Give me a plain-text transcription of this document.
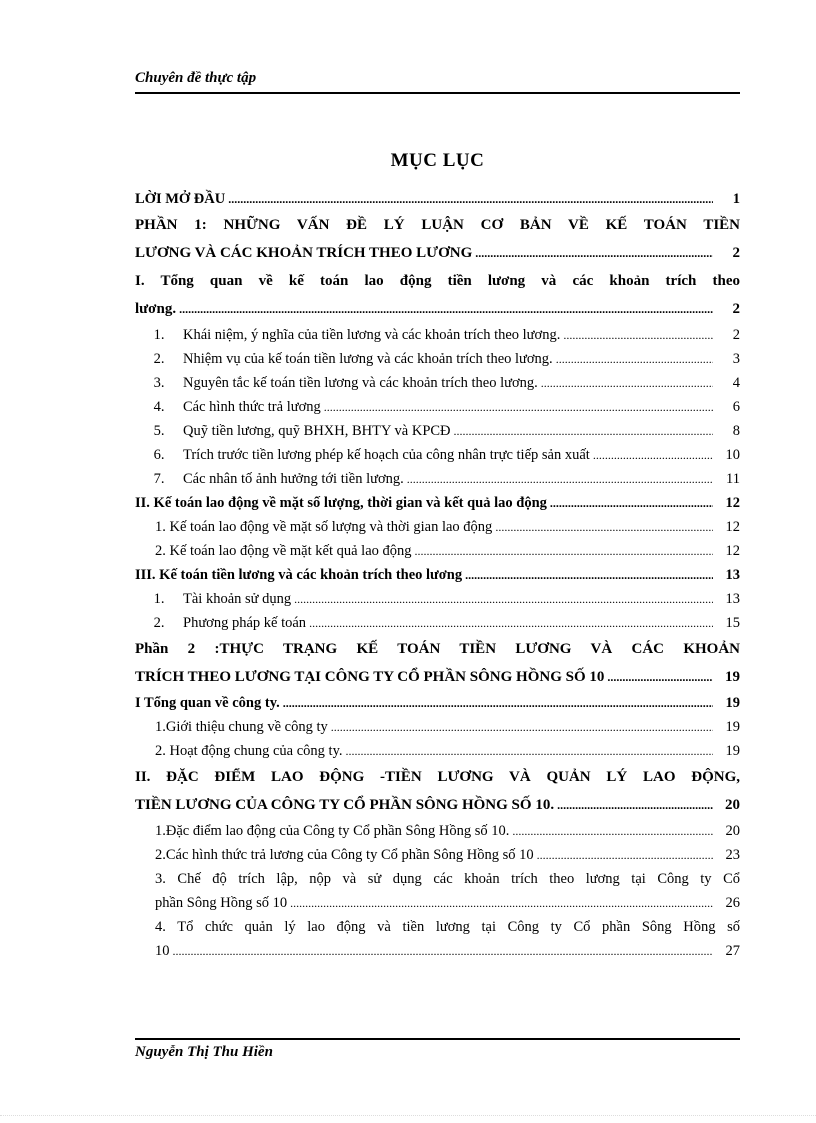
Chuyên đề thực tập
MỤC LỤC
LỜI MỞ ĐẦU .....	1
PHẦN 1: NHỮNG VẤN ĐỀ LÝ LUẬN CƠ BẢN VỀ KẾ TOÁN TIỀN
LƯƠNG VÀ CÁC KHOẢN TRÍCH THEO LƯƠNG .....	2
I. Tổng quan về kế toán lao động tiền lương và các khoản trích theo
lương. .....	2
1.	Khái niệm, ý nghĩa của tiền lương và các khoản trích theo lương. .....	2
2.	Nhiệm vụ của kế toán tiền lương và các khoản trích theo lương. .....	3
3.	Nguyên tắc kế toán tiền lương và các khoản trích theo lương. .....	4
4.	Các hình thức trả lương .....	6
5.	Quỹ tiền lương, quỹ BHXH, BHTY và KPCĐ .....	8
6.	Trích trước tiền lương phép kế hoạch của công nhân trực tiếp sản xuất .....	10
7.	Các nhân tố ảnh hưởng tới tiền lương. .....	11
II. Kế toán lao động về mặt số lượng, thời gian và kết quả lao động .....	12
1. Kế toán lao động về mặt số lượng và thời gian lao động .....	12
2. Kế toán lao động về mặt kết quả lao động .....	12
III. Kế toán tiền lương và các khoản trích theo lương .....	13
1.	Tài khoản sử dụng .....	13
2.	Phương pháp kế toán .....	15
Phần 2 :THỰC TRẠNG KẾ TOÁN TIỀN LƯƠNG VÀ CÁC KHOẢN
TRÍCH THEO LƯƠNG TẠI CÔNG TY CỔ PHẦN SÔNG HỒNG SỐ 10 .....	19
I Tổng quan về công ty. .....	19
1.Giới thiệu chung về công ty .....	19
2. Hoạt động chung của công ty. .....	19
II. ĐẶC ĐIỂM LAO ĐỘNG -TIỀN LƯƠNG VÀ QUẢN LÝ LAO ĐỘNG,
TIỀN LƯƠNG CỦA CÔNG TY CỔ PHẦN SÔNG HỒNG SỐ 10. .....	20
1.Đặc điểm lao động của Công ty Cổ phần Sông Hồng số 10. .....	20
2.Các hình thức trả lương của Công ty Cổ phần Sông Hồng số 10 .....	23
3. Chế độ trích lập, nộp và sử dụng các khoản trích theo lương tại Công ty Cổ
phần Sông Hồng số 10 .....	26
4. Tổ chức quản lý lao động và tiền lương tại Công ty Cổ phần Sông Hồng số
10 .....	27
Nguyễn Thị Thu Hiền
